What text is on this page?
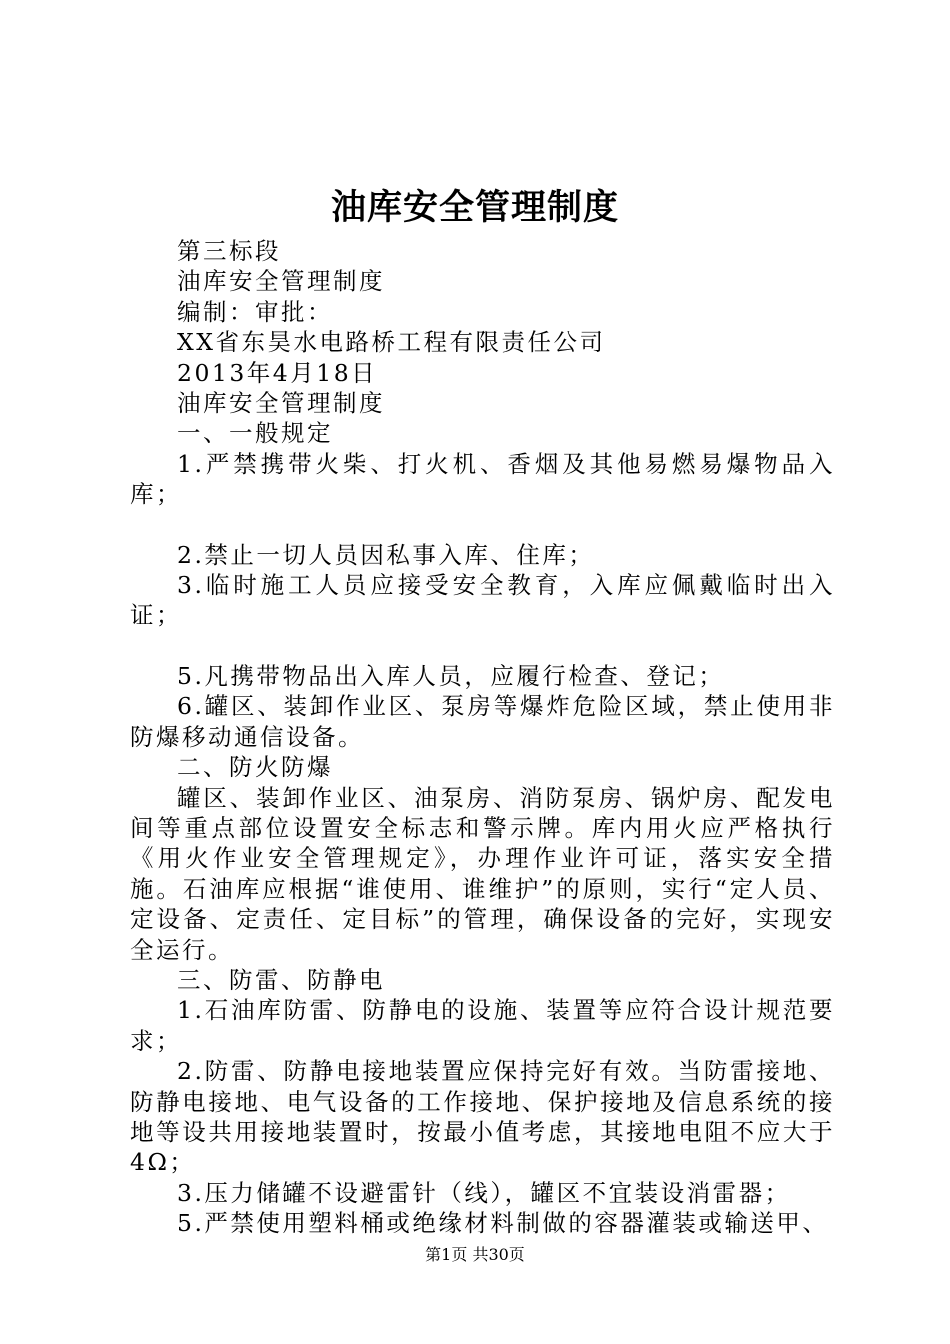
油库安全管理制度

第三标段

油库安全管理制度

编制：审批：

XX省东昊水电路桥工程有限责任公司

2013年4月18日

油库安全管理制度

一、一般规定

1.严禁携带火柴、打火机、香烟及其他易燃易爆物品入库；

2.禁止一切人员因私事入库、住库；

3.临时施工人员应接受安全教育，入库应佩戴临时出入证；

5.凡携带物品出入库人员，应履行检查、登记；

6.罐区、装卸作业区、泵房等爆炸危险区域，禁止使用非防爆移动通信设备。

二、防火防爆

罐区、装卸作业区、油泵房、消防泵房、锅炉房、配发电间等重点部位设置安全标志和警示牌。库内用火应严格执行《用火作业安全管理规定》，办理作业许可证，落实安全措施。石油库应根据“谁使用、谁维护”的原则，实行“定人员、定设备、定责任、定目标”的管理，确保设备的完好，实现安全运行。

三、防雷、防静电

1.石油库防雷、防静电的设施、装置等应符合设计规范要求；

2.防雷、防静电接地装置应保持完好有效。当防雷接地、防静电接地、电气设备的工作接地、保护接地及信息系统的接地等设共用接地装置时，按最小值考虑，其接地电阻不应大于4Ω；

3.压力储罐不设避雷针（线），罐区不宜装设消雷器；

5.严禁使用塑料桶或绝缘材料制做的容器灌装或输送甲、

第1页 共30页
